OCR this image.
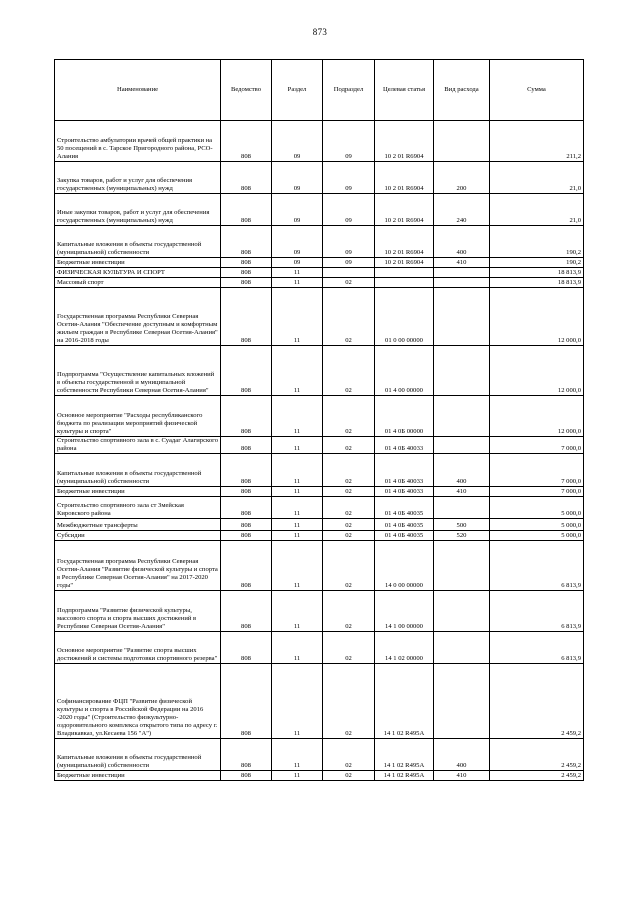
873
Наименование	Ведомство	Раздел	Подраздел	Целевая статья	Вид расхода	Сумма
Строительство амбулатории врачей общей практики на 50 посещений в с. Тарское Пригородного района, РСО-Алания	808	09	09	10 2 01 R6904		211,2
Закупка товаров, работ и услуг для обеспечения государственных (муниципальных) нужд	808	09	09	10 2 01 R6904	200	21,0
Иные закупки товаров, работ и услуг для обеспечения государственных (муниципальных) нужд	808	09	09	10 2 01 R6904	240	21,0
Капитальные вложения в объекты государственной (муниципальной) собственности	808	09	09	10 2 01 R6904	400	190,2
Бюджетные инвестиции	808	09	09	10 2 01 R6904	410	190,2
ФИЗИЧЕСКАЯ КУЛЬТУРА И СПОРТ	808	11				18 813,9
Массовый спорт	808	11	02			18 813,9
Государственная программа Республики Северная Осетия-Алания "Обеспечение доступным и комфортным жильем граждан в Республике Северная Осетия-Алания" на 2016-2018 годы	808	11	02	01 0 00 00000		12 000,0
Подпрограмма "Осуществление капитальных вложений в объекты государственной и муниципальной собственности Республики Северная Осетия-Алания"	808	11	02	01 4 00 00000		12 000,0
Основное мероприятие "Расходы республиканского бюджета по реализации мероприятий физической культуры и спорта"	808	11	02	01 4 0Б 00000		12 000,0
Строительство спортивного зала в с. Суадаг Алагирского района	808	11	02	01 4 0Б 40033		7 000,0
Капитальные вложения в объекты государственной (муниципальной) собственности	808	11	02	01 4 0Б 40033	400	7 000,0
Бюджетные инвестиции	808	11	02	01 4 0Б 40033	410	7 000,0
Строительство спортивного зала ст Змейская Кировского района	808	11	02	01 4 0Б 40035		5 000,0
Межбюджетные трансферты	808	11	02	01 4 0Б 40035	500	5 000,0
Субсидии	808	11	02	01 4 0Б 40035	520	5 000,0
Государственная программа Республики Северная Осетия-Алания "Развитие физической культуры и спорта в Республике Северная Осетия-Алания" на 2017-2020 годы"	808	11	02	14 0 00 00000		6 813,9
Подпрограмма "Развитие физической культуры, массового спорта и спорта высших достижений в Республике Северная Осетия-Алания"	808	11	02	14 1 00 00000		6 813,9
Основное мероприятие "Развитие спорта высших достижений и системы подготовки спортивного резерва"	808	11	02	14 1 02 00000		6 813,9
Софинансирование ФЦП "Развитие физической культуры и спорта в Российской Федерации на 2016 -2020 годы" (Строительство физкультурно-оздоровительного комплекса открытого типа по адресу г. Владикавказ, ул.Кесаева 156 "А")	808	11	02	14 1 02 R495А		2 459,2
Капитальные вложения в объекты государственной (муниципальной) собственности	808	11	02	14 1 02 R495А	400	2 459,2
Бюджетные инвестиции	808	11	02	14 1 02 R495А	410	2 459,2
